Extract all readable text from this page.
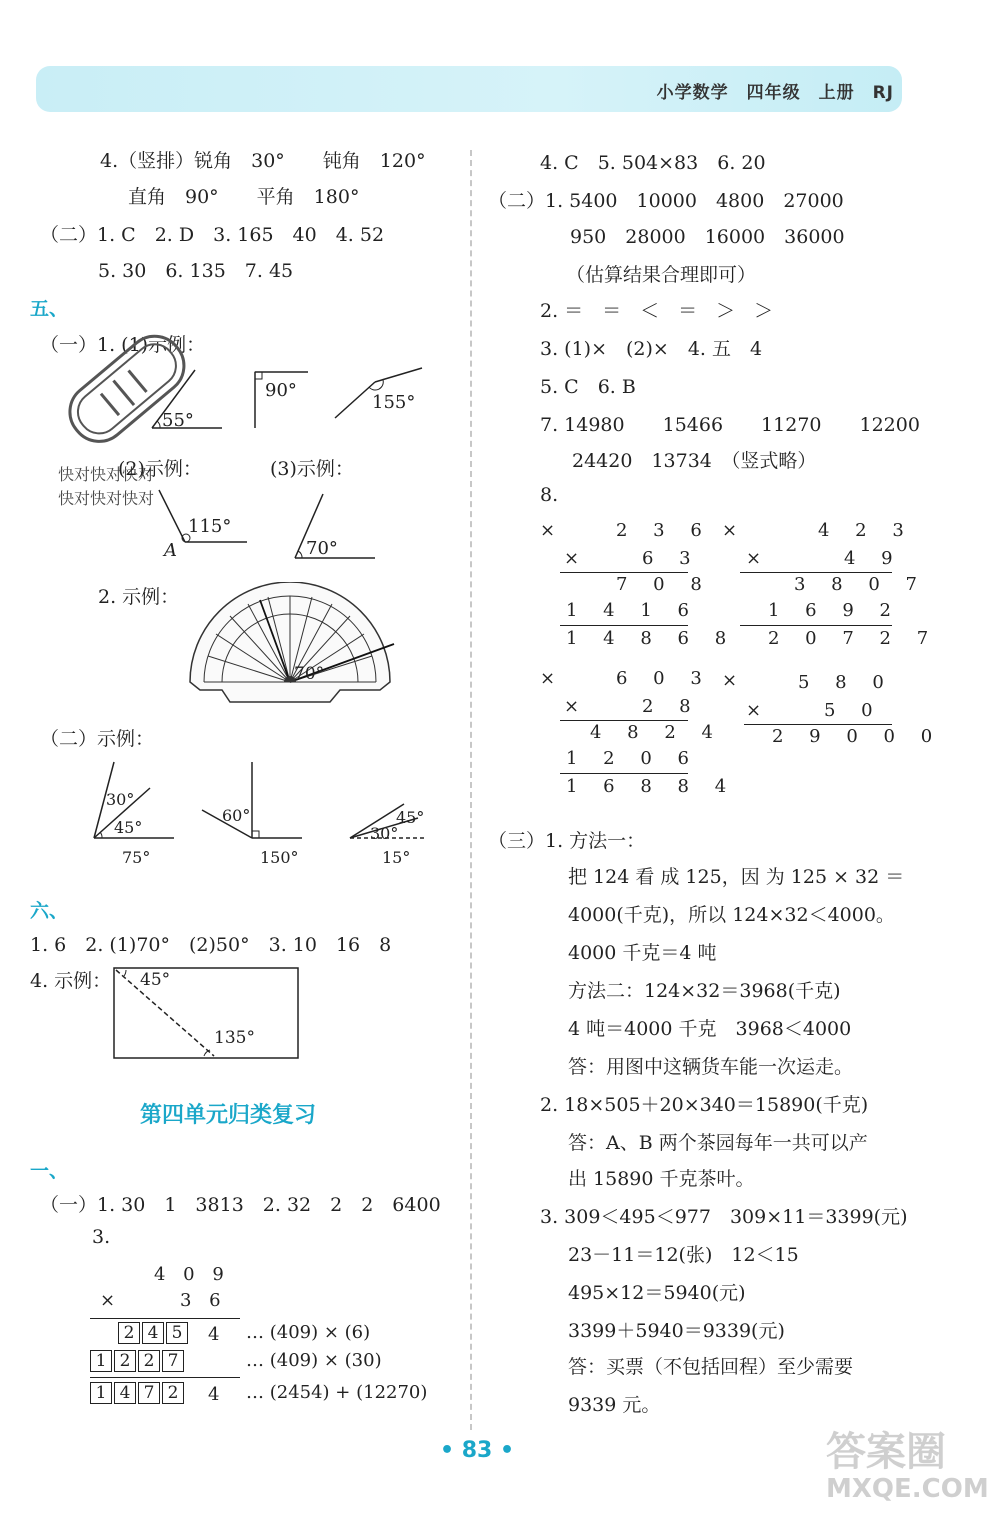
小学数学　四年级　上册　RJ
4.（竖排）锐角　30°　　钝角　120°
直角　90°　　平角　180°
（二）1. C　2. D　3. 165　40　4. 52
5. 30　6. 135　7. 45
五、
（一）1. (1)示例：
快对快对快对
快对快对快对
55°
90°
155°
(2)示例：	(3)示例：
115°
A	70°
2. 示例：
70°
（二）示例：
30°
45°
75°
60°
150°
30°
45°
15°
六、
1. 6　2. (1)70°　(2)50°　3. 10　16　8
4. 示例： 45°
135°
第四单元归类复习
一、
（一）1. 30　1　3813　2. 32　2　2　6400
3.
4 0 9
×	3 6
2 4 5	4 … (409) × (6)
1 2 2 7	… (409) × (30)
1 4 7 2	4 … (2454) + (12270)
4. C　5. 504×83　6. 20
（二）1. 5400　10000　4800　27000
950　28000　16000　36000
（估算结果合理即可）
2. ＝　＝　＜　＝　＞　＞
3. (1)×　(2)×　4. 五　4
5. C　6. B
7. 14980　　15466　　11270　　12200
24420　13734　（竖式略）
8.
×	2 3 6
×	6 3
7 0 8
1 4 1 6
1 4 8 6 8
×	4 2 3
×	4 9
3 8 0 7
1 6 9 2
2 0 7 2 7
×	6 0 3
×	2 8
4 8 2 4
1 2 0 6
1 6 8 8 4
×	5 8 0
×	5 0
2 9 0 0 0
（三）1. 方法一：
把 124 看 成 125，因 为 125 × 32 ＝
4000(千克)，所以 124×32＜4000。
4000 千克＝4 吨
方法二：124×32＝3968(千克)
4 吨＝4000 千克　3968＜4000
答：用图中这辆货车能一次运走。
2. 18×505＋20×340＝15890(千克)
答：A、B 两个茶园每年一共可以产
出 15890 千克茶叶。
3. 309＜495＜977　309×11＝3399(元)
23－11＝12(张)　12＜15
495×12＝5940(元)
3399＋5940＝9339(元)
答：买票（不包括回程）至少需要
9339 元。
• 83 •	答案圈
MXQE.COM
